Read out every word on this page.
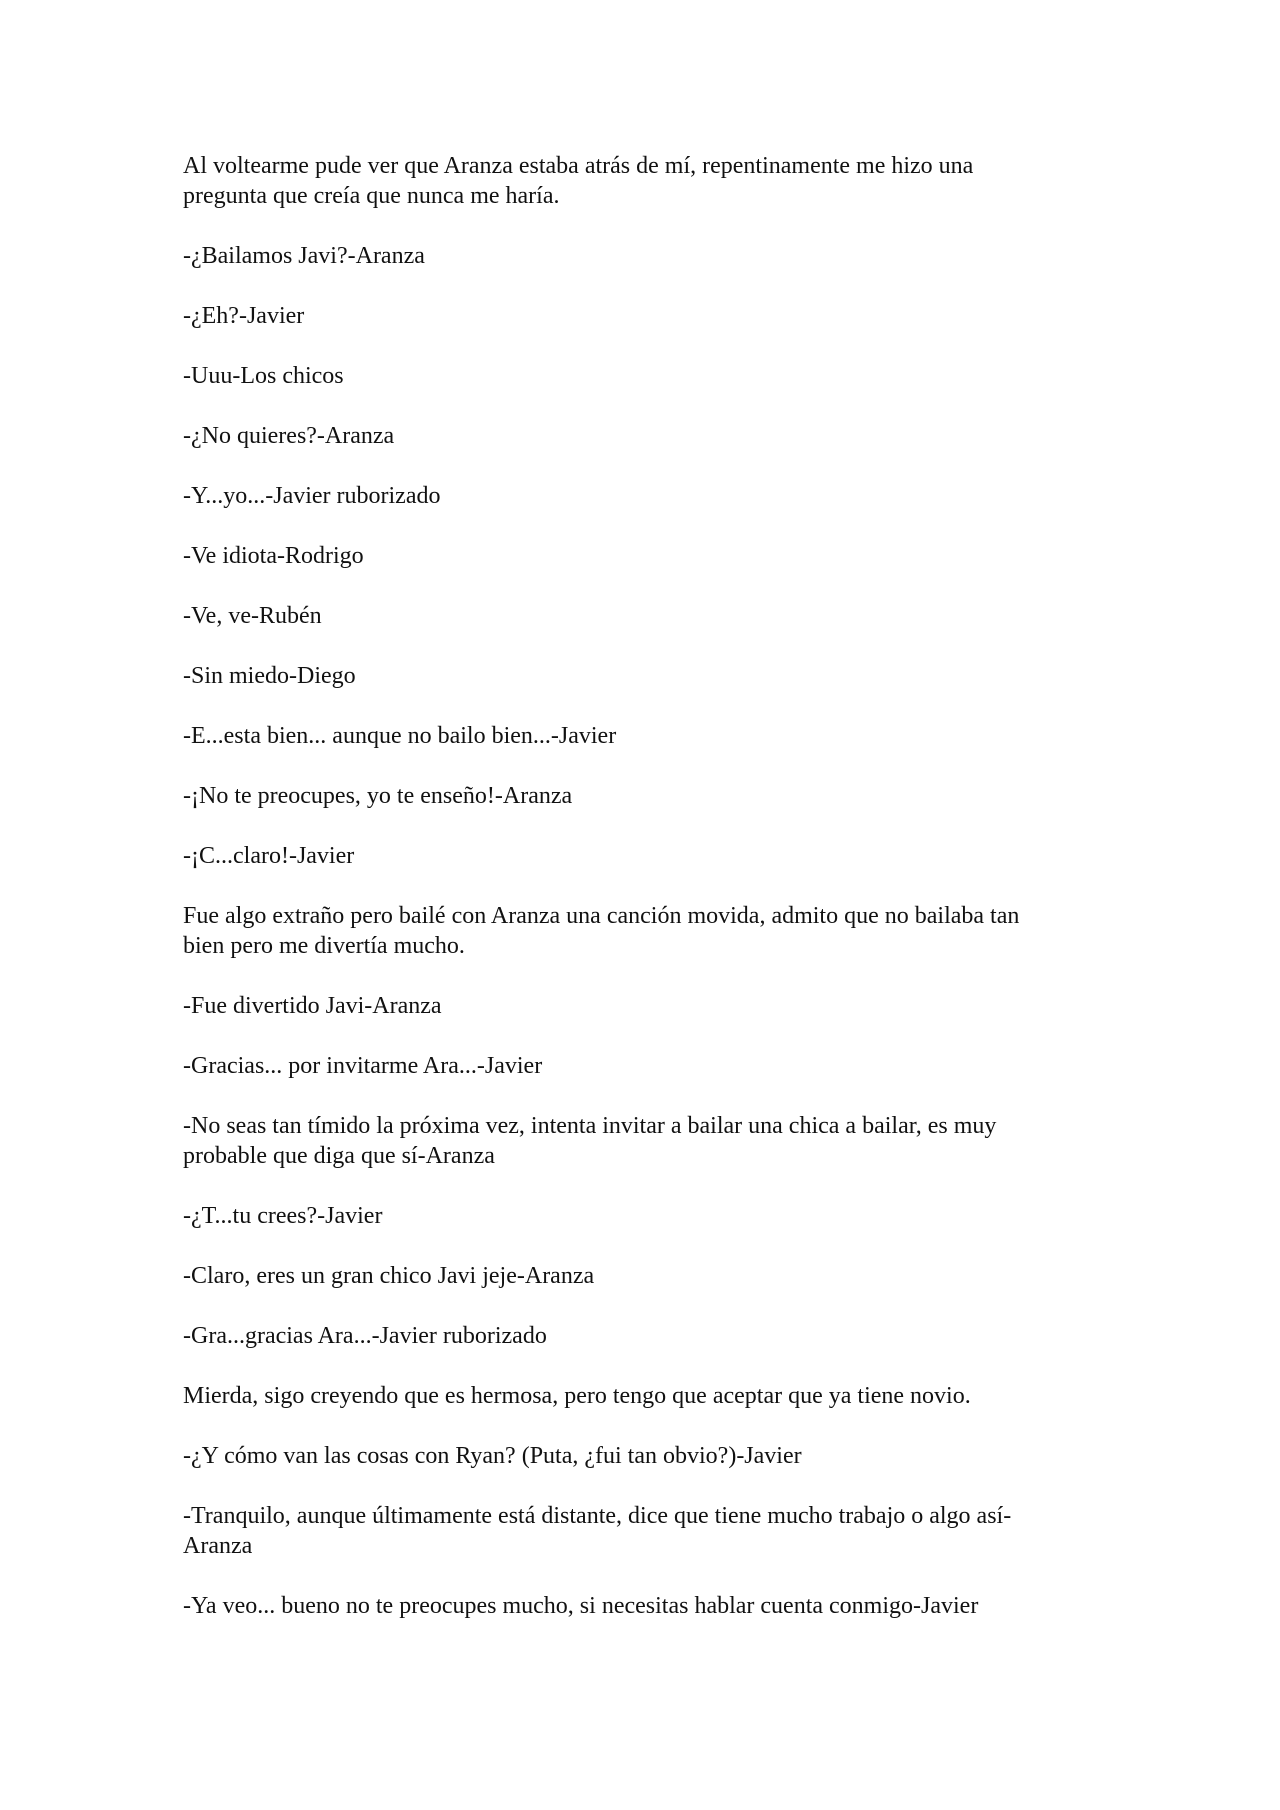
Al voltearme pude ver que Aranza estaba atrás de mí, repentinamente me hizo una
pregunta que creía que nunca me haría.

-¿Bailamos Javi?-Aranza

-¿Eh?-Javier

-Uuu-Los chicos

-¿No quieres?-Aranza

-Y...yo...-Javier ruborizado

-Ve idiota-Rodrigo

-Ve, ve-Rubén

-Sin miedo-Diego

-E...esta bien... aunque no bailo bien...-Javier

-¡No te preocupes, yo te enseño!-Aranza

-¡C...claro!-Javier

Fue algo extraño pero bailé con Aranza una canción movida, admito que no bailaba tan
bien pero me divertía mucho.

-Fue divertido Javi-Aranza

-Gracias... por invitarme Ara...-Javier

-No seas tan tímido la próxima vez, intenta invitar a bailar una chica a bailar, es muy
probable que diga que sí-Aranza

-¿T...tu crees?-Javier

-Claro, eres un gran chico Javi jeje-Aranza

-Gra...gracias Ara...-Javier ruborizado

Mierda, sigo creyendo que es hermosa, pero tengo que aceptar que ya tiene novio.

-¿Y cómo van las cosas con Ryan? (Puta, ¿fui tan obvio?)-Javier

-Tranquilo, aunque últimamente está distante, dice que tiene mucho trabajo o algo así-
Aranza

-Ya veo... bueno no te preocupes mucho, si necesitas hablar cuenta conmigo-Javier
